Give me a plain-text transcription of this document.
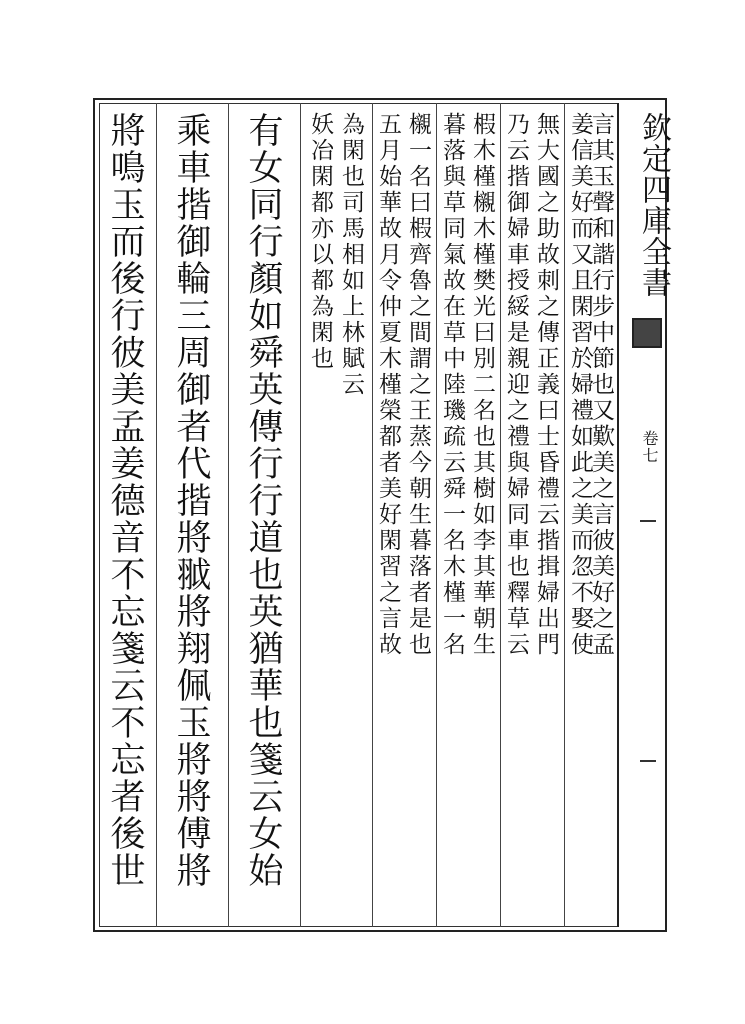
欽定四庫全書
卷七
將鳴玉而後行彼美孟姜德音不忘箋云不忘者後世 乘車揩御輪三周御者代揩將䎀將翔佩玉將將傅將 有女同行顏如舜英傳行行道也英猶華也箋云女始 為閑也司馬相如上林賦云
妖冶閑都亦以都為閑也	櫬一名曰椵齊魯之間謂之王蒸今朝生暮落者是也
五月始華故月令仲夏木槿榮都者美好閑習之言故	椵木槿櫬木槿樊光曰別二名也其樹如李其華朝生
暮落與草同氣故在草中陸璣疏云舜一名木槿一名	無大國之助故刺之傳正義曰士昏禮云揩揖婦出門
乃云揩御婦車授綏是親迎之禮與婦同車也釋草云	言其玉聲和諧行步中節也又歎美之言彼美好之孟
姜信美好而又且閑習於婦禮如此之美而忽不娶使
